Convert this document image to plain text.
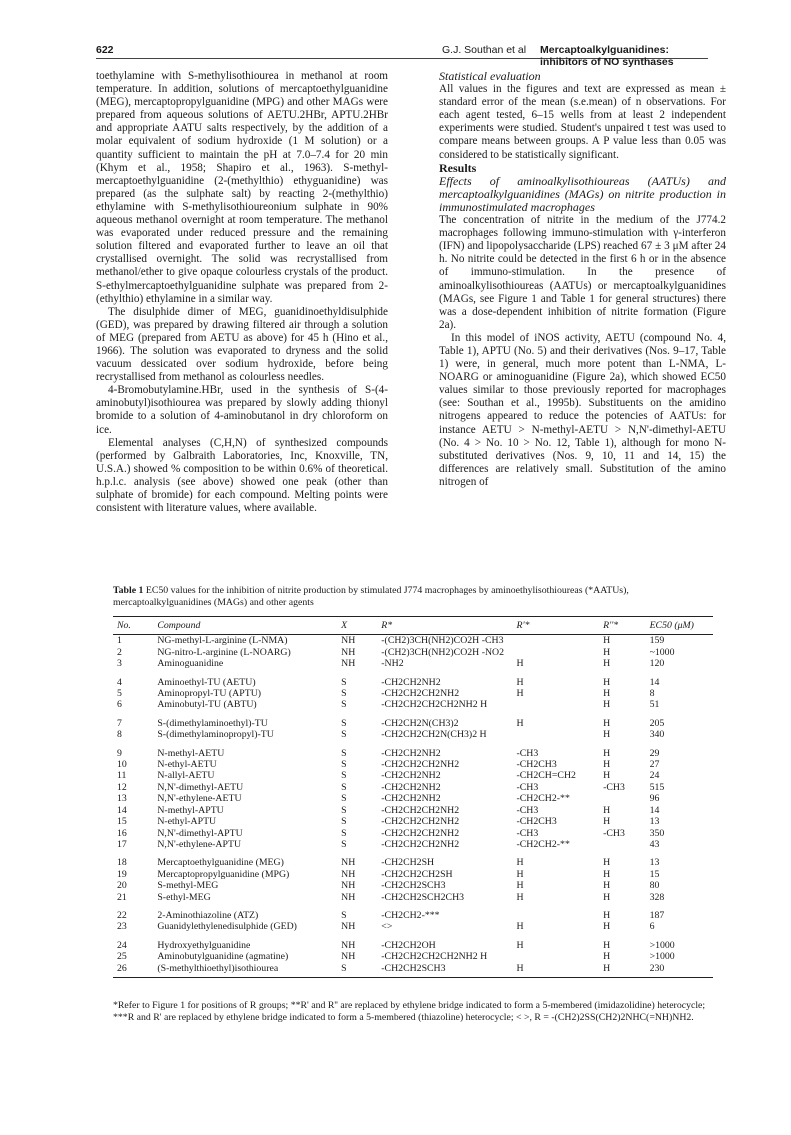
622	G.J. Southan et al Mercaptoalkylguanidines: inhibitors of NO synthases

toethylamine with S-methylisothiourea in methanol at room temperature. In addition, solutions of mercaptoethylguanidine (MEG), mercaptopropylguanidine (MPG) and other MAGs were prepared from aqueous solutions of AETU.2HBr, APTU.2HBr and appropriate AATU salts respectively, by the addition of a molar equivalent of sodium hydroxide (1 M solution) or a quantity sufficient to maintain the pH at 7.0–7.4 for 20 min (Khym et al., 1958; Shapiro et al., 1963). S-methyl-mercaptoethylguanidine (2-(methylthio) ethyguanidine) was prepared (as the sulphate salt) by reacting 2-(methylthio) ethylamine with S-methylisothioureonium sulphate in 90% aqueous methanol overnight at room temperature. The methanol was evaporated under reduced pressure and the remaining solution filtered and evaporated further to leave an oil that crystallised overnight. The solid was recrystallised from methanol/ether to give opaque colourless crystals of the product. S-ethylmercaptoethylguanidine sulphate was prepared from 2-(ethylthio) ethylamine in a similar way.

The disulphide dimer of MEG, guanidinoethyldisulphide (GED), was prepared by drawing filtered air through a solution of MEG (prepared from AETU as above) for 45 h (Hino et al., 1966). The solution was evaporated to dryness and the solid vacuum dessicated over sodium hydroxide, before being recrystallised from methanol as colourless needles.

4-Bromobutylamine.HBr, used in the synthesis of S-(4-aminobutyl)isothiourea was prepared by slowly adding thionyl bromide to a solution of 4-aminobutanol in dry chloroform on ice.

Elemental analyses (C,H,N) of synthesized compounds (performed by Galbraith Laboratories, Inc, Knoxville, TN, U.S.A.) showed % composition to be within 0.6% of theoretical. h.p.l.c. analysis (see above) showed one peak (other than sulphate of bromide) for each compound. Melting points were consistent with literature values, where available.

Statistical evaluation

All values in the figures and text are expressed as mean ± standard error of the mean (s.e.mean) of n observations. For each agent tested, 6–15 wells from at least 2 independent experiments were studied. Student's unpaired t test was used to compare means between groups. A P value less than 0.05 was considered to be statistically significant.

Results

Effects of aminoalkylisothioureas (AATUs) and mercaptoalkylguanidines (MAGs) on nitrite production in immunostimulated macrophages

The concentration of nitrite in the medium of the J774.2 macrophages following immuno-stimulation with γ-interferon (IFN) and lipopolysaccharide (LPS) reached 67 ± 3 μM after 24 h. No nitrite could be detected in the first 6 h or in the absence of immuno-stimulation. In the presence of aminoalkylisothioureas (AATUs) or mercaptoalkylguanidines (MAGs, see Figure 1 and Table 1 for general structures) there was a dose-dependent inhibition of nitrite formation (Figure 2a).

In this model of iNOS activity, AETU (compound No. 4, Table 1), APTU (No. 5) and their derivatives (Nos. 9–17, Table 1) were, in general, much more potent than L-NMA, L-NOARG or aminoguanidine (Figure 2a), which showed EC50 values similar to those previously reported for macrophages (see: Southan et al., 1995b). Substituents on the amidino nitrogens appeared to reduce the potencies of AATUs: for instance AETU > N-methyl-AETU > N,N'-dimethyl-AETU (No. 4 > No. 10 > No. 12, Table 1), although for mono N-substituted derivatives (Nos. 9, 10, 11 and 14, 15) the differences are relatively small. Substitution of the amino nitrogen of

Table 1 EC50 values for the inhibition of nitrite production by stimulated J774 macrophages by aminoethylisothioureas (*AATUs), mercaptoalkylguanidines (MAGs) and other agents
No.	Compound	X	R*	R'*	R''*	EC50 (μM)
1	NG-methyl-L-arginine (L-NMA)	NH	-(CH2)3CH(NH2)CO2H -CH3		H	159
2	NG-nitro-L-arginine (L-NOARG)	NH	-(CH2)3CH(NH2)CO2H -NO2		H	~1000
3	Aminoguanidine	NH	-NH2	H	H	120
4	Aminoethyl-TU (AETU)	S	-CH2CH2NH2	H	H	14
5	Aminopropyl-TU (APTU)	S	-CH2CH2CH2NH2	H	H	8
6	Aminobutyl-TU (ABTU)	S	-CH2CH2CH2CH2NH2 H		H	51
7	S-(dimethylaminoethyl)-TU	S	-CH2CH2N(CH3)2	H	H	205
8	S-(dimethylaminopropyl)-TU	S	-CH2CH2CH2N(CH3)2 H		H	340
9	N-methyl-AETU	S	-CH2CH2NH2	-CH3	H	29
10	N-ethyl-AETU	S	-CH2CH2CH2NH2	-CH2CH3	H	27
11	N-allyl-AETU	S	-CH2CH2NH2	-CH2CH=CH2	H	24
12	N,N'-dimethyl-AETU	S	-CH2CH2NH2	-CH3	-CH3	515
13	N,N'-ethylene-AETU	S	-CH2CH2NH2	-CH2CH2-**		96
14	N-methyl-APTU	S	-CH2CH2CH2NH2	-CH3	H	14
15	N-ethyl-APTU	S	-CH2CH2CH2NH2	-CH2CH3	H	13
16	N,N'-dimethyl-APTU	S	-CH2CH2CH2NH2	-CH3	-CH3	350
17	N,N'-ethylene-APTU	S	-CH2CH2CH2NH2	-CH2CH2-**		43
18	Mercaptoethylguanidine (MEG)	NH	-CH2CH2SH	H	H	13
19	Mercaptopropylguanidine (MPG)	NH	-CH2CH2CH2SH	H	H	15
20	S-methyl-MEG	NH	-CH2CH2SCH3	H	H	80
21	S-ethyl-MEG	NH	-CH2CH2SCH2CH3	H	H	328
22	2-Aminothiazoline (ATZ)	S	-CH2CH2-***		H	187
23	Guanidylethylenedisulphide (GED)	NH	<>	H	H	6
24	Hydroxyethylguanidine	NH	-CH2CH2OH	H	H	>1000
25	Aminobutylguanidine (agmatine)	NH	-CH2CH2CH2CH2NH2 H		H	>1000
26	(S-methylthioethyl)isothiourea	S	-CH2CH2SCH3	H	H	230
*Refer to Figure 1 for positions of R groups; **R' and R'' are replaced by ethylene bridge indicated to form a 5-membered (imidazolidine) heterocycle; ***R and R' are replaced by ethylene bridge indicated to form a 5-membered (thiazoline) heterocycle; < >, R = -(CH2)2SS(CH2)2NHC(=NH)NH2.
